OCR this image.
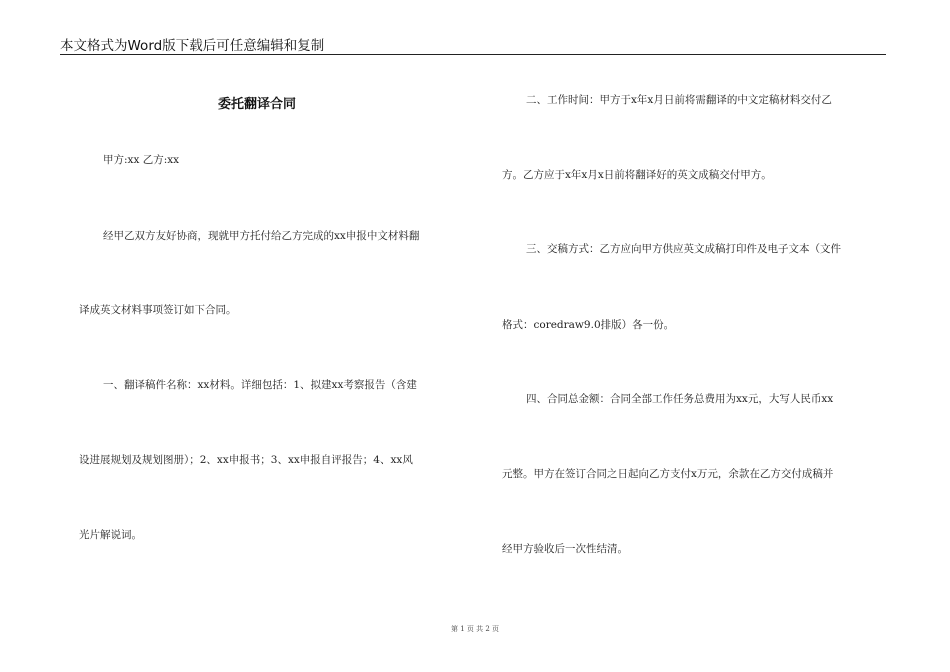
本文格式为Word版下载后可任意编辑和复制
委托翻译合同
甲方:xx 乙方:xx
经甲乙双方友好协商，现就甲方托付给乙方完成的xx申报中文材料翻
译成英文材料事项签订如下合同。
一、翻译稿件名称：xx材料。详细包括：1、拟建xx考察报告（含建
设进展规划及规划图册）；2、xx申报书；3、xx申报自评报告；4、xx风
光片解说词。
二、工作时间：甲方于x年x月日前将需翻译的中文定稿材料交付乙
方。乙方应于x年x月x日前将翻译好的英文成稿交付甲方。
三、交稿方式：乙方应向甲方供应英文成稿打印件及电子文本（文件
格式：coredraw9.0排版）各一份。
四、合同总金额：合同全部工作任务总费用为xx元，大写人民币xx
元整。甲方在签订合同之日起向乙方支付x万元，余款在乙方交付成稿并
经甲方验收后一次性结清。
第 1 页 共 2 页
